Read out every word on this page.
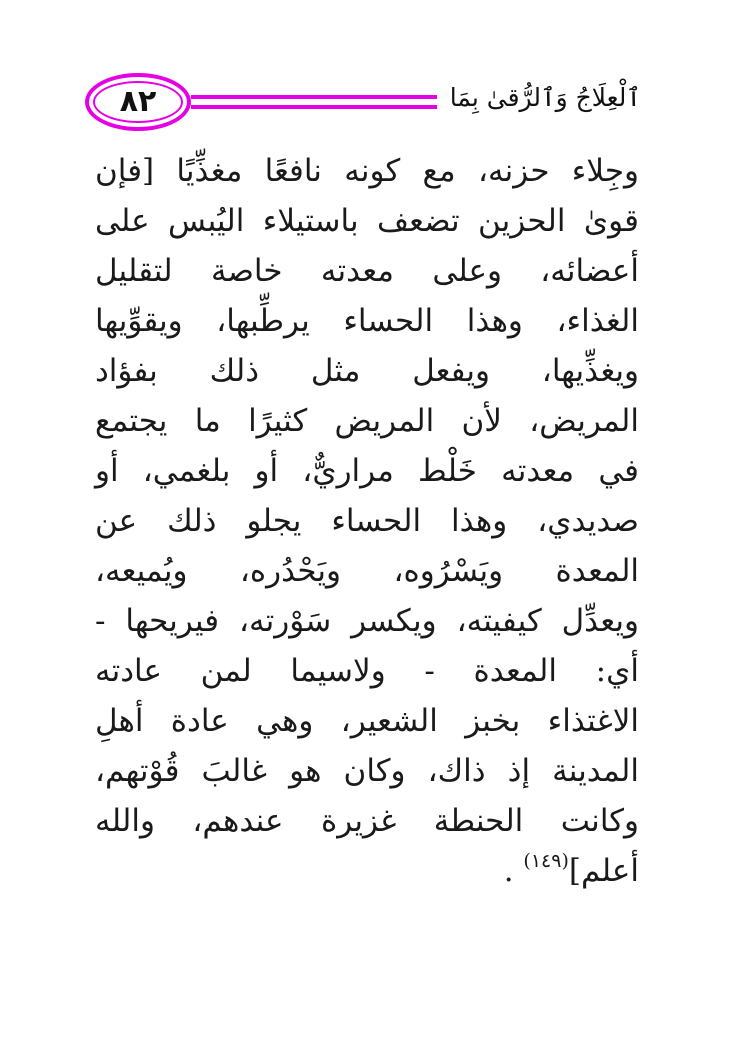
٨٢	ٱلْعِلَاجُ وَٱلرُّقىٰ بِمَا
وجِلاء حزنه، مع كونه نافعًا مغذِّيًا [فإن
قوىٰ الحزين تضعف باستيلاء اليُبس على
أعضائه، وعلى معدته خاصة لتقليل
الغذاء، وهذا الحساء يرطِّبها، ويقوِّيها
ويغذِّيها، ويفعل مثل ذلك بفؤاد
المريض، لأن المريض كثيرًا ما يجتمع
في معدته خَلْط مراريٌّ، أو بلغمي، أو
صديدي، وهذا الحساء يجلو ذلك عن
المعدة ويَسْرُوه، ويَحْدُره، ويُميعه،
ويعدِّل كيفيته، ويكسر سَوْرته، فيريحها -
أي: المعدة - ولاسيما لمن عادته
الاغتذاء بخبز الشعير، وهي عادة أهلِ
المدينة إذ ذاك، وكان هو غالبَ قُوْتهم،
وكانت الحنطة غزيرة عندهم، والله
أعلم]$^{(١٤٩)}$ .
